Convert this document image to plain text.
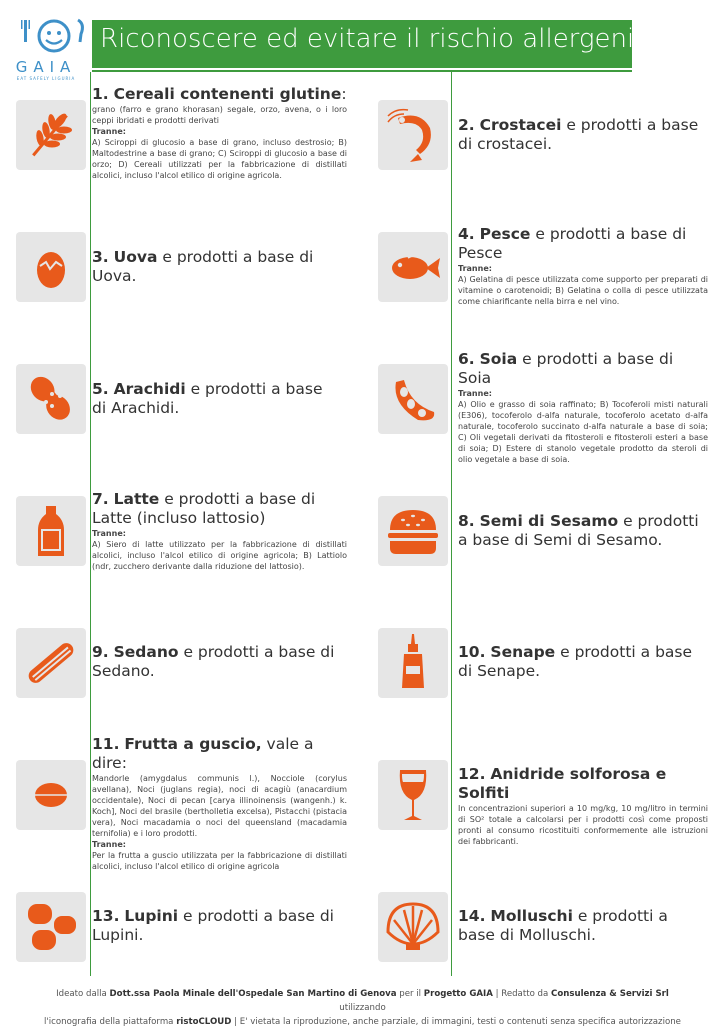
GAIA
EAT SAFELY LIGURIA
Riconoscere ed evitare il rischio allergeni
1. Cereali contenenti glutine:
grano (farro e grano khorasan) segale, orzo, avena, o i loro ceppi ibridati e prodotti derivati
Tranne:
A) Sciroppi di glucosio a base di grano, incluso destrosio; B) Maltodestrine a base di grano; C) Sciroppi di glucosio a base di orzo; D) Cereali utilizzati per la fabbricazione di distillati alcolici, incluso l'alcol etilico di origine agricola.
2. Crostacei e prodotti a base di crostacei.
3. Uova e prodotti a base di Uova.
4. Pesce e prodotti a base di Pesce
Tranne:
A) Gelatina di pesce utilizzata come supporto per preparati di vitamine o carotenoidi; B) Gelatina o colla di pesce utilizzata come chiarificante nella birra e nel vino.
5. Arachidi e prodotti a base di Arachidi.
6. Soia e prodotti a base di Soia
Tranne:
A) Olio e grasso di soia raffinato; B) Tocoferoli misti naturali (E306), tocoferolo d-alfa naturale, tocoferolo acetato d-alfa naturale, tocoferolo succinato d-alfa naturale a base di soia; C) Oli vegetali derivati da fitosteroli e fitosteroli esteri a base di soia; D) Estere di stanolo vegetale prodotto da steroli di olio vegetale a base di soia.
7. Latte e prodotti a base di Latte (incluso lattosio)
Tranne:
A) Siero di latte utilizzato per la fabbricazione di distillati alcolici, incluso l'alcol etilico di origine agricola; B) Lattiolo (ndr, zucchero derivante dalla riduzione del lattosio).
8. Semi di Sesamo e prodotti a base di Semi di Sesamo.
9. Sedano e prodotti a base di Sedano.
10. Senape e prodotti a base di Senape.
11. Frutta a guscio, vale a dire:
Mandorle (amygdalus communis l.), Nocciole (corylus avellana), Noci (juglans regia), noci di acagiù (anacardium occidentale), Noci di pecan [carya illinoinensis (wangenh.) k. Koch], Noci del brasile (bertholletia excelsa), Pistacchi (pistacia vera), Noci macadamia o noci del queensland (macadamia ternifolia) e i loro prodotti.
Tranne:
Per la frutta a guscio utilizzata per la fabbricazione di distillati alcolici, incluso l'alcol etilico di origine agricola
12. Anidride solforosa e Solfiti
In concentrazioni superiori a 10 mg/kg, 10 mg/litro in termini di SO² totale a calcolarsi per i prodotti così come proposti pronti al consumo ricostituiti conformemente alle istruzioni dei fabbricanti.
13. Lupini e prodotti a base di Lupini.
14. Molluschi e prodotti a base di Molluschi.
Ideato dalla Dott.ssa Paola Minale dell'Ospedale San Martino di Genova per il Progetto GAIA | Redatto da Consulenza & Servizi Srl utilizzando
l'iconografia della piattaforma ristoCLOUD | E' vietata la riproduzione, anche parziale, di immagini, testi o contenuti senza specifica autorizzazione
